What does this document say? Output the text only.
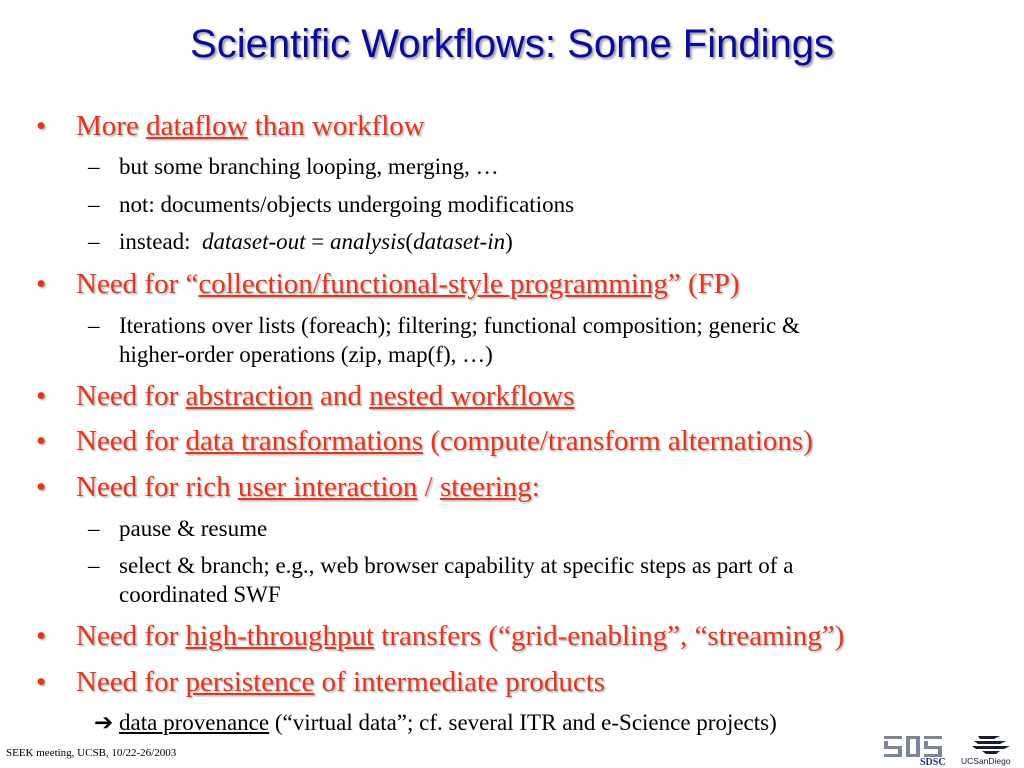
Scientific Workflows: Some Findings
• More dataflow than workflow
– but some branching looping, merging, …
– not: documents/objects undergoing modifications
– instead:  dataset-out = analysis(dataset-in)
• Need for “collection/functional-style programming” (FP)
– Iterations over lists (foreach); filtering; functional composition; generic &
higher-order operations (zip, map(f), …)
• Need for abstraction and nested workflows
• Need for data transformations (compute/transform alternations)
• Need for rich user interaction / steering:
– pause & resume
– select & branch; e.g., web browser capability at specific steps as part of a
coordinated SWF
• Need for high-throughput transfers (“grid-enabling”, “streaming”)
• Need for persistence of intermediate products
➔ data provenance (“virtual data”; cf. several ITR and e-Science projects)
SEEK meeting, UCSB, 10/22-26/2003
SDSC UCSanDiego
